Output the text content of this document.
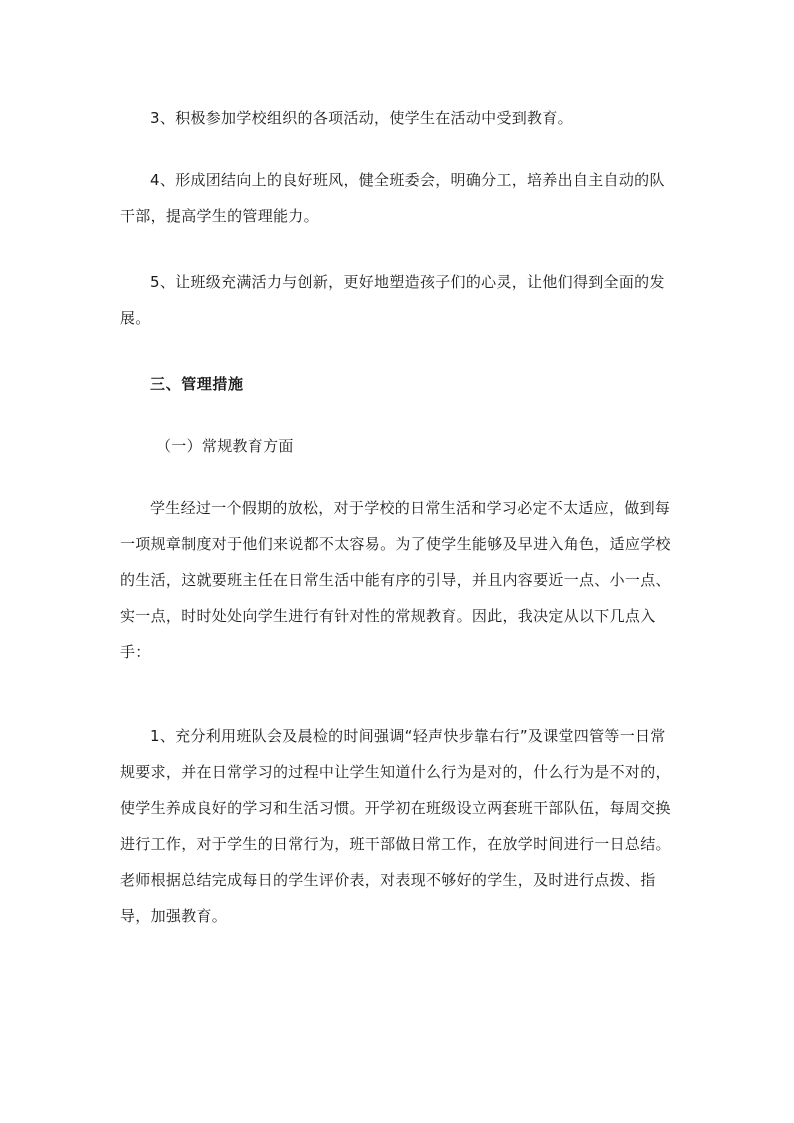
3、积极参加学校组织的各项活动，使学生在活动中受到教育。

4、形成团结向上的良好班风，健全班委会，明确分工，培养出自主自动的队干部，提高学生的管理能力。

5、让班级充满活力与创新，更好地塑造孩子们的心灵，让他们得到全面的发展。

三、管理措施

（一）常规教育方面

学生经过一个假期的放松，对于学校的日常生活和学习必定不太适应，做到每一项规章制度对于他们来说都不太容易。为了使学生能够及早进入角色，适应学校的生活，这就要班主任在日常生活中能有序的引导，并且内容要近一点、小一点、实一点，时时处处向学生进行有针对性的常规教育。因此，我决定从以下几点入手：

1、充分利用班队会及晨检的时间强调“轻声快步靠右行”及课堂四管等一日常规要求，并在日常学习的过程中让学生知道什么行为是对的，什么行为是不对的，使学生养成良好的学习和生活习惯。开学初在班级设立两套班干部队伍，每周交换进行工作，对于学生的日常行为，班干部做日常工作，在放学时间进行一日总结。老师根据总结完成每日的学生评价表，对表现不够好的学生，及时进行点拨、指导，加强教育。
